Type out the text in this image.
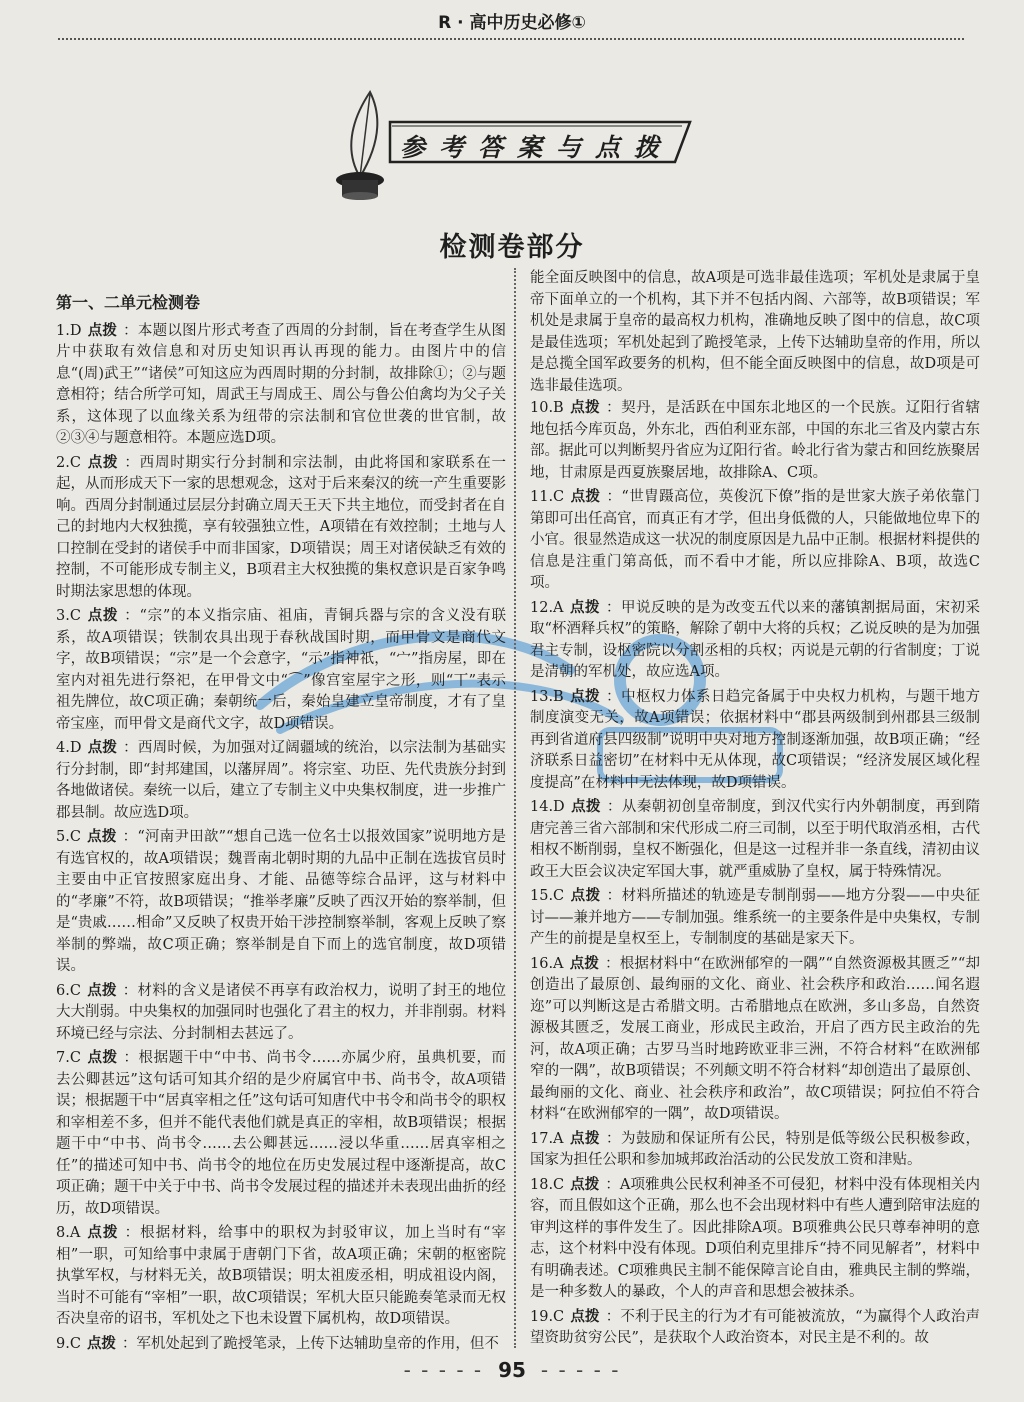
R · 高中历史必修①
参考答案与点拨
检测卷部分
第一、二单元检测卷
1.D 点拨 ：本题以图片形式考查了西周的分封制，旨在考查学生从图片中获取有效信息和对历史知识再认再现的能力。由图片中的信息“(周)武王”“诸侯”可知这应为西周时期的分封制，故排除①；②与题意相符；结合所学可知，周武王与周成王、周公与鲁公伯禽均为父子关系，这体现了以血缘关系为纽带的宗法制和官位世袭的世官制，故②③④与题意相符。本题应选D项。
2.C 点拨 ：西周时期实行分封制和宗法制，由此将国和家联系在一起，从而形成天下一家的思想观念，这对于后来秦汉的统一产生重要影响。西周分封制通过层层分封确立周天王天下共主地位，而受封者在自己的封地内大权独揽，享有较强独立性，A项错在有效控制；土地与人口控制在受封的诸侯手中而非国家，D项错误；周王对诸侯缺乏有效的控制，不可能形成专制主义，B项君主大权独揽的集权意识是百家争鸣时期法家思想的体现。
3.C 点拨 ：“宗”的本义指宗庙、祖庙，青铜兵器与宗的含义没有联系，故A项错误；铁制农具出现于春秋战国时期，而甲骨文是商代文字，故B项错误；“宗”是一个会意字，“示”指神祇，“宀”指房屋，即在室内对祖先进行祭祀，在甲骨文中“⌒”像宫室屋宇之形，则“丅”表示祖先牌位，故C项正确；秦朝统一后，秦始皇建立皇帝制度，才有了皇帝宝座，而甲骨文是商代文字，故D项错误。
4.D 点拨 ：西周时候，为加强对辽阔疆域的统治，以宗法制为基础实行分封制，即“封邦建国，以藩屏周”。将宗室、功臣、先代贵族分封到各地做诸侯。秦统一以后，建立了专制主义中央集权制度，进一步推广郡县制。故应选D项。
5.C 点拨 ：“河南尹田歆”“想自己选一位名士以报效国家”说明地方是有选官权的，故A项错误；魏晋南北朝时期的九品中正制在选拔官员时主要由中正官按照家庭出身、才能、品德等综合品评，这与材料中的“孝廉”不符，故B项错误；“推举孝廉”反映了西汉开始的察举制，但是“贵戚……相命”又反映了权贵开始干涉控制察举制，客观上反映了察举制的弊端，故C项正确；察举制是自下而上的选官制度，故D项错误。
6.C 点拨 ：材料的含义是诸侯不再享有政治权力，说明了封王的地位大大削弱。中央集权的加强同时也强化了君主的权力，并非削弱。材料环境已经与宗法、分封制相去甚远了。
7.C 点拨 ：根据题干中“中书、尚书令……亦属少府，虽典机要，而去公卿甚远”这句话可知其介绍的是少府属官中书、尚书令，故A项错误；根据题干中“居真宰相之任”这句话可知唐代中书令和尚书令的职权和宰相差不多，但并不能代表他们就是真正的宰相，故B项错误；根据题干中“中书、尚书令……去公卿甚远……浸以华重……居真宰相之任”的描述可知中书、尚书令的地位在历史发展过程中逐渐提高，故C项正确；题干中关于中书、尚书令发展过程的描述并未表现出曲折的经历，故D项错误。
8.A 点拨 ：根据材料，给事中的职权为封驳审议，加上当时有“宰相”一职，可知给事中隶属于唐朝门下省，故A项正确；宋朝的枢密院执掌军权，与材料无关，故B项错误；明太祖废丞相，明成祖设内阁，当时不可能有“宰相”一职，故C项错误；军机大臣只能跪奏笔录而无权否决皇帝的诏书，军机处之下也未设置下属机构，故D项错误。
9.C 点拨 ：军机处起到了跪授笔录，上传下达辅助皇帝的作用，但不
能全面反映图中的信息，故A项是可选非最佳选项；军机处是隶属于皇帝下面单立的一个机构，其下并不包括内阁、六部等，故B项错误；军机处是隶属于皇帝的最高权力机构，准确地反映了图中的信息，故C项是最佳选项；军机处起到了跪授笔录，上传下达辅助皇帝的作用，所以是总揽全国军政要务的机构，但不能全面反映图中的信息，故D项是可选非最佳选项。
10.B 点拨 ：契丹，是活跃在中国东北地区的一个民族。辽阳行省辖地包括今库页岛，外东北，西伯利亚东部，中国的东北三省及内蒙古东部。据此可以判断契丹省应为辽阳行省。岭北行省为蒙古和回纥族聚居地，甘肃原是西夏族聚居地，故排除A、C项。
11.C 点拨 ：“世胄蹑高位，英俊沉下僚”指的是世家大族子弟依靠门第即可出任高官，而真正有才学，但出身低微的人，只能做地位卑下的小官。很显然造成这一状况的制度原因是九品中正制。根据材料提供的信息是注重门第高低，而不看中才能，所以应排除A、B项，故选C项。
12.A 点拨 ：甲说反映的是为改变五代以来的藩镇割据局面，宋初采取“杯酒释兵权”的策略，解除了朝中大将的兵权；乙说反映的是为加强君主专制，设枢密院以分割丞相的兵权；丙说是元朝的行省制度；丁说是清朝的军机处，故应选A项。
13.B 点拨 ：中枢权力体系日趋完备属于中央权力机构，与题干地方制度演变无关，故A项错误；依据材料中“郡县两级制到州郡县三级制再到省道府县四级制”说明中央对地方控制逐渐加强，故B项正确；“经济联系日益密切”在材料中无从体现，故C项错误；“经济发展区域化程度提高”在材料中无法体现，故D项错误。
14.D 点拨 ：从秦朝初创皇帝制度，到汉代实行内外朝制度，再到隋唐完善三省六部制和宋代形成二府三司制，以至于明代取消丞相，古代相权不断削弱，皇权不断强化，但是这一过程并非一条直线，清初由议政王大臣会议决定军国大事，就严重威胁了皇权，属于特殊情况。
15.C 点拨 ：材料所描述的轨迹是专制削弱——地方分裂——中央征讨——兼并地方——专制加强。维系统一的主要条件是中央集权，专制产生的前提是皇权至上，专制制度的基础是家天下。
16.A 点拨 ：根据材料中“在欧洲郁窄的一隅”“自然资源极其匮乏”“却创造出了最原创、最绚丽的文化、商业、社会秩序和政治……闻名遐迩”可以判断这是古希腊文明。古希腊地点在欧洲，多山多岛，自然资源极其匮乏，发展工商业，形成民主政治，开启了西方民主政治的先河，故A项正确；古罗马当时地跨欧亚非三洲，不符合材料“在欧洲郁窄的一隅”，故B项错误；不列颠文明不符合材料“却创造出了最原创、最绚丽的文化、商业、社会秩序和政治”，故C项错误；阿拉伯不符合材料“在欧洲郁窄的一隅”，故D项错误。
17.A 点拨 ：为鼓励和保证所有公民，特别是低等级公民积极参政，国家为担任公职和参加城邦政治活动的公民发放工资和津贴。
18.C 点拨 ：A项雅典公民权利神圣不可侵犯，材料中没有体现相关内容，而且假如这个正确，那么也不会出现材料中有些人遭到陪审法庭的审判这样的事件发生了。因此排除A项。B项雅典公民只尊奉神明的意志，这个材料中没有体现。D项伯利克里排斥“持不同见解者”，材料中有明确表述。C项雅典民主制不能保障言论自由，雅典民主制的弊端，是一种多数人的暴政，个人的声音和思想会被抹杀。
19.C 点拨 ：不利于民主的行为才有可能被流放，“为赢得个人政治声望资助贫穷公民”，是获取个人政治资本，对民主是不利的。故
- - - - - 95 - - - - -
